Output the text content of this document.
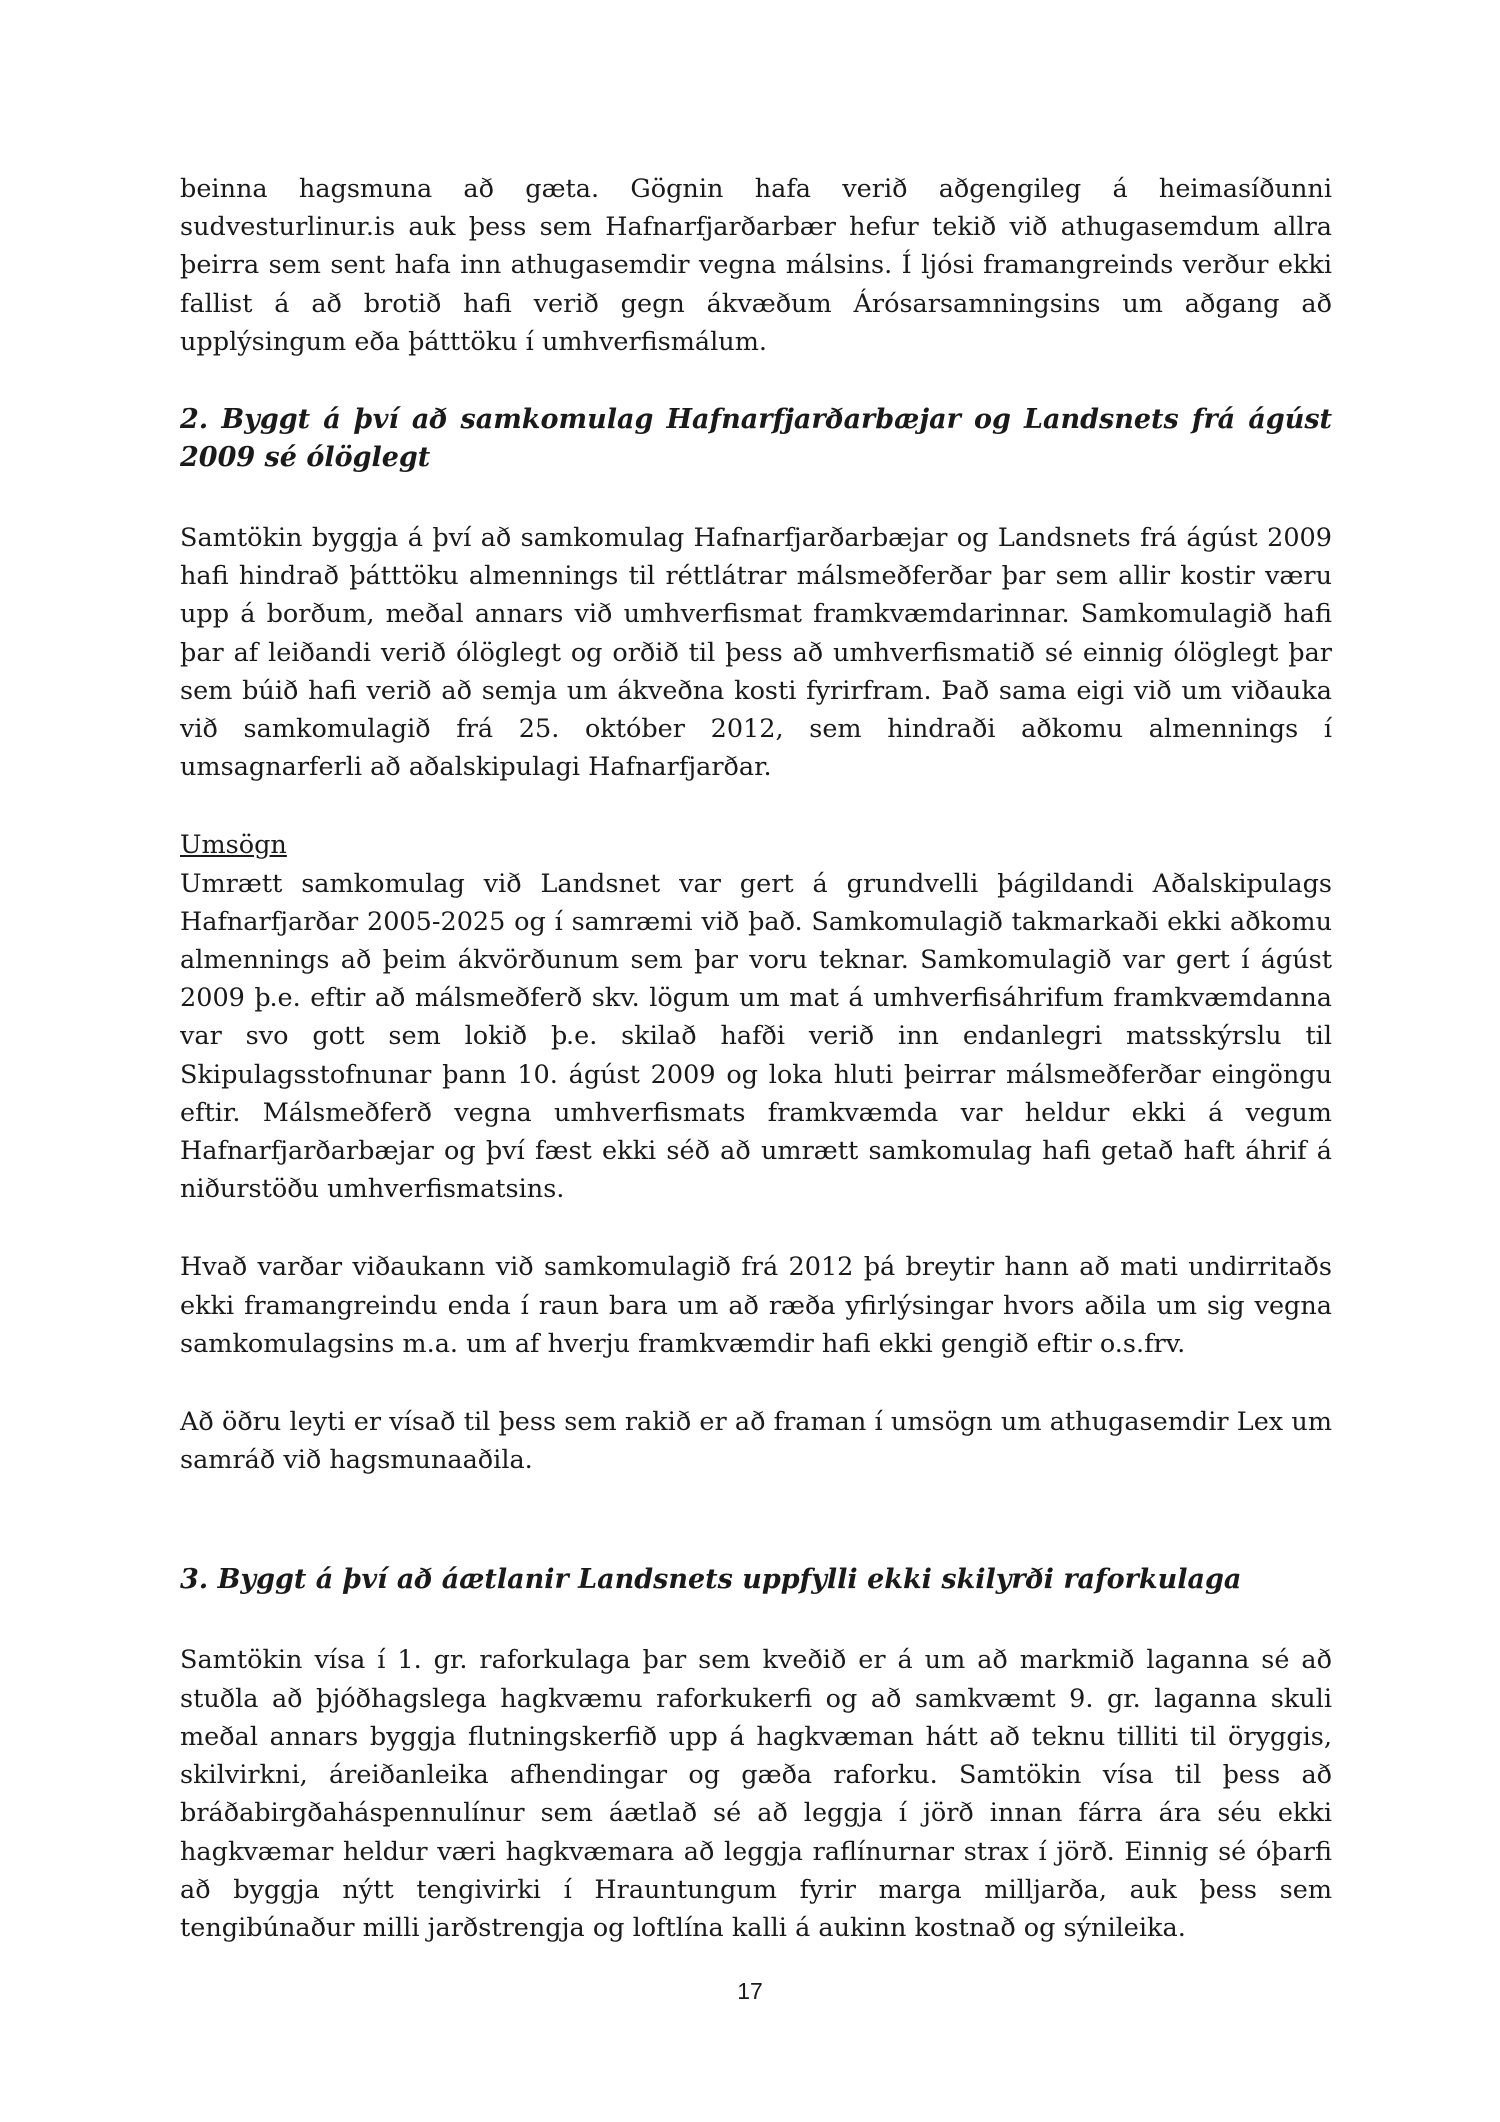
beinna hagsmuna að gæta. Gögnin hafa verið aðgengileg á heimasíðunni sudvesturlinur.is auk þess sem Hafnarfjarðarbær hefur tekið við athugasemdum allra þeirra sem sent hafa inn athugasemdir vegna málsins. Í ljósi framangreinds verður ekki fallist á að brotið hafi verið gegn ákvæðum Árósarsamningsins um aðgang að upplýsingum eða þátttöku í umhverfismálum.

2. Byggt á því að samkomulag Hafnarfjarðarbæjar og Landsnets frá ágúst 2009 sé ólöglegt

Samtökin byggja á því að samkomulag Hafnarfjarðarbæjar og Landsnets frá ágúst 2009 hafi hindrað þátttöku almennings til réttlátrar málsmeðferðar þar sem allir kostir væru upp á borðum, meðal annars við umhverfismat framkvæmdarinnar. Samkomulagið hafi þar af leiðandi verið ólöglegt og orðið til þess að umhverfismatið sé einnig ólöglegt þar sem búið hafi verið að semja um ákveðna kosti fyrirfram. Það sama eigi við um viðauka við samkomulagið frá 25. október 2012, sem hindraði aðkomu almennings í umsagnarferli að aðalskipulagi Hafnarfjarðar.

Umsögn

Umrætt samkomulag við Landsnet var gert á grundvelli þágildandi Aðalskipulags Hafnarfjarðar 2005-2025 og í samræmi við það. Samkomulagið takmarkaði ekki aðkomu almennings að þeim ákvörðunum sem þar voru teknar. Samkomulagið var gert í ágúst 2009 þ.e. eftir að málsmeðferð skv. lögum um mat á umhverfisáhrifum framkvæmdanna var svo gott sem lokið þ.e. skilað hafði verið inn endanlegri matsskýrslu til Skipulagsstofnunar þann 10. ágúst 2009 og loka hluti þeirrar málsmeðferðar eingöngu eftir. Málsmeðferð vegna umhverfismats framkvæmda var heldur ekki á vegum Hafnarfjarðarbæjar og því fæst ekki séð að umrætt samkomulag hafi getað haft áhrif á niðurstöðu umhverfismatsins.

Hvað varðar viðaukann við samkomulagið frá 2012 þá breytir hann að mati undirritaðs ekki framangreindu enda í raun bara um að ræða yfirlýsingar hvors aðila um sig vegna samkomulagsins m.a. um af hverju framkvæmdir hafi ekki gengið eftir o.s.frv.

Að öðru leyti er vísað til þess sem rakið er að framan í umsögn um athugasemdir Lex um samráð við hagsmunaaðila.

3. Byggt á því að áætlanir Landsnets uppfylli ekki skilyrði raforkulaga

Samtökin vísa í 1. gr. raforkulaga þar sem kveðið er á um að markmið laganna sé að stuðla að þjóðhagslega hagkvæmu raforkukerfi og að samkvæmt 9. gr. laganna skuli meðal annars byggja flutningskerfið upp á hagkvæman hátt að teknu tilliti til öryggis, skilvirkni, áreiðanleika afhendingar og gæða raforku. Samtökin vísa til þess að bráðabirgðaháspennulínur sem áætlað sé að leggja í jörð innan fárra ára séu ekki hagkvæmar heldur væri hagkvæmara að leggja raflínurnar strax í jörð. Einnig sé óþarfi að byggja nýtt tengivirki í Hrauntungum fyrir marga milljarða, auk þess sem tengibúnaður milli jarðstrengja og loftlína kalli á aukinn kostnað og sýnileika.

17
